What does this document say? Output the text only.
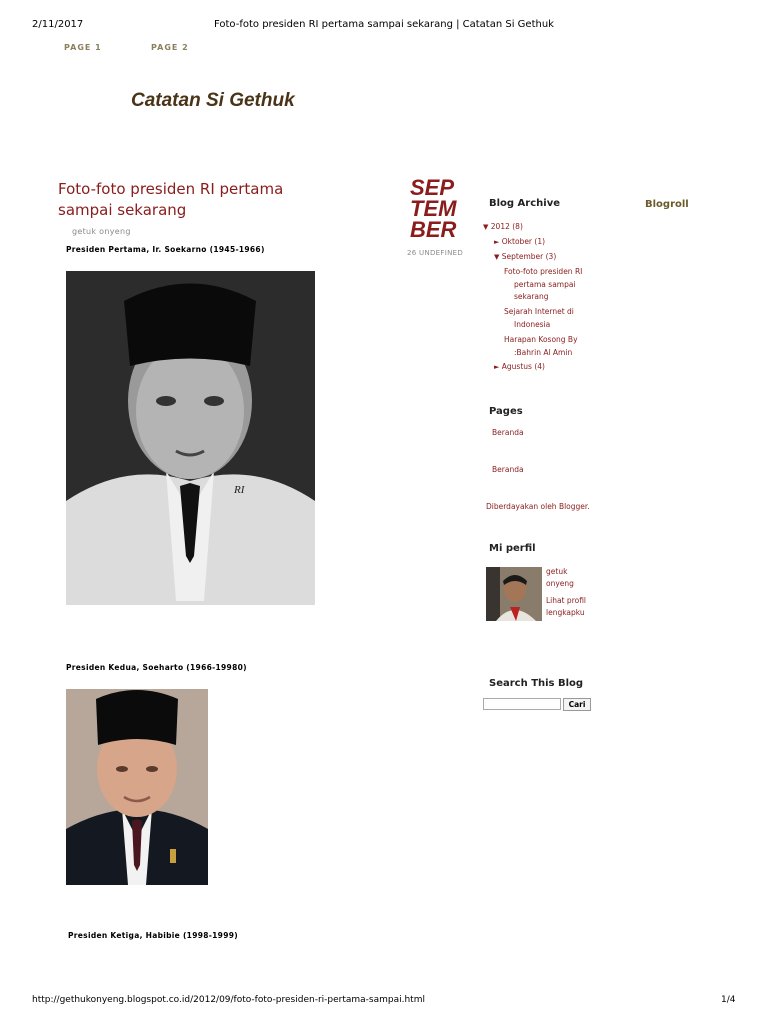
2/11/2017	Foto-foto presiden RI pertama sampai sekarang | Catatan Si Gethuk
PAGE 1	PAGE 2
Catatan Si Gethuk
Foto-foto presiden RI pertama sampai sekarang
getuk onyeng
SEP
TEM
BER
26 UNDEFINED
Presiden Pertama, Ir. Soekarno (1945-1966)
RI
Presiden Kedua, Soeharto (1966-19980)
Presiden Ketiga, Habibie (1998-1999)
Blog Archive	Blogroll
▼ 2012 (8)
► Oktober (1)
▼ September (3)
Foto-foto presiden RI
pertama sampai
sekarang
Sejarah Internet di
Indonesia
Harapan Kosong By
:Bahrin Al Amin
► Agustus (4)
Pages
Beranda
Beranda
Diberdayakan oleh Blogger.
Mi perfil
getuk
onyeng
Lihat profil
lengkapku
Search This Blog
Cari
http://gethukonyeng.blogspot.co.id/2012/09/foto-foto-presiden-ri-pertama-sampai.html	1/4
